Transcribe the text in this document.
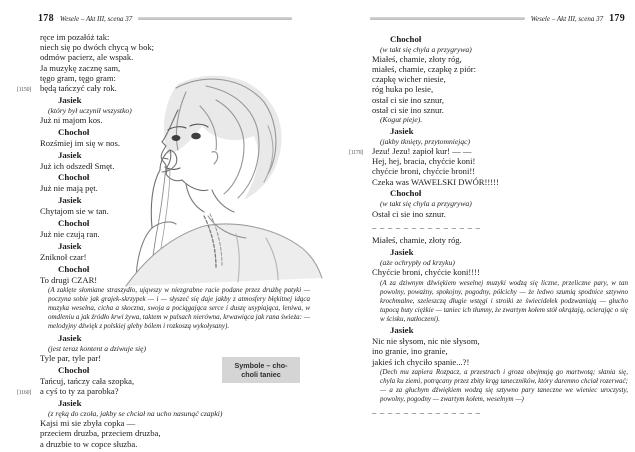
178 Wesele – Akt III, scena 37
ręce im pozałóż tak:
niech się po dwóch chycą w bok;
odmów pacierz, ale wspak.
Ja muzykę zacznę sam,
tęgo gram, tęgo gram:
[1150] będą tańczyć cały rok.
Jasiek
(który był uczynił wszystko)
Już ni majom kos.
Chochoł
Rozśmiej im się w nos.
Jasiek
Już ich odszedł Smęt.
Chochoł
Już nie mają pęt.
Jasiek
Chytajom sie w tan.
Chochoł
Już nie czują ran.
Jasiek
Zniknoł czar!
Chochoł
To drugi CZAR!
(A zaklęte słomiane straszydło, ująwszy w niezgrabne racie podane przez drużbę patyki — poczyna sobie jak grajek-skrzypek — i — słyszeć się daje jakby z atmosfery błękitnej idąca muzyka weselna, cicha a skoczna, swoja a pociągająca serce i duszę usypiająca, leniwa, w omdleniu a jak źródło krwi żywa, taktem w pulsach nierówna, krwawiąca jak rana świeża: — melodyjny dźwięk z polskiej gleby bólem i rozkoszą wykołysany).
Jasiek
(jest teraz kontent a dziwuje się)
Tyle par, tyle par!
Chochoł
Tańcuj, tańczy cała szopka,
[1160] a cyś to ty za parobka?
Jasiek
(z ręką do czoła, jakby se chciał na ucho nasunąć czapki)
Kajsi mi sie zbyła copka —
przeciem druzba, przeciem druzba,
a druzbie to w copce słuzba.
Symbole – cho-
choli taniec
Wesele – Akt III, scena 37 179
Chochoł
(w takt się chyla a przygrywa)
Miałeś, chamie, złoty róg,
miałeś, chamie, czapkę z piór:
czapkę wicher niesie,
róg huka po lesie,
ostał ci sie ino sznur,
ostał ci sie ino sznur.
(Kogut pieje).
Jasiek
(jakby tknięty, przytomniejąc)
[1170] Jezu! Jezu! zapioł kur! — —
Hej, hej, bracia, chyćcie koni!
chyćcie broni, chyćcie broni!!
Czeka was WAWELSKI DWÓR!!!!!
Chochoł
(w takt się chyla a przygrywa)
Ostał ci sie ino sznur.
– – – – – – – – – – – – – –
Miałeś, chamie, złoty róg.
Jasiek
(aże ochrypły od krzyku)
Chyćcie broni, chyćcie koni!!!!
(A za dziwnym dźwiękiem weselnej muzyki wodzą się liczne, przeliczne pary, w tan powolny, poważny, spokojny, pogodny, półcichy — że ledwo szumią spodnice sztywno krochmalne, szeleszczą długie wstęgi i stroiki ze świecidełek podzwaniają — głucho tupocą buty ciężkie — taniec ich tłumny, że zwartym kołem stół okrążają, ocierając o się w ścisku, natłoczeni).
Jasiek
Nic nie słysom, nic nie słysom,
ino granie, ino granie,
jakieś ich chyciło spanie...?!
(Dech mu zapiera Rozpacz, a przestrach i groza obejmują go martwotą; słania się, chyla ku ziemi, potrącany przez zbity krąg taneczników, który daremno chciał rozerwać; — a za głuchym dźwiękiem wodzą się sztywno pary taneczne we wieniec uroczysty, powolny, pogodny — zwartym kołem, weselnym —)
– – – – – – – – – – – – – –
